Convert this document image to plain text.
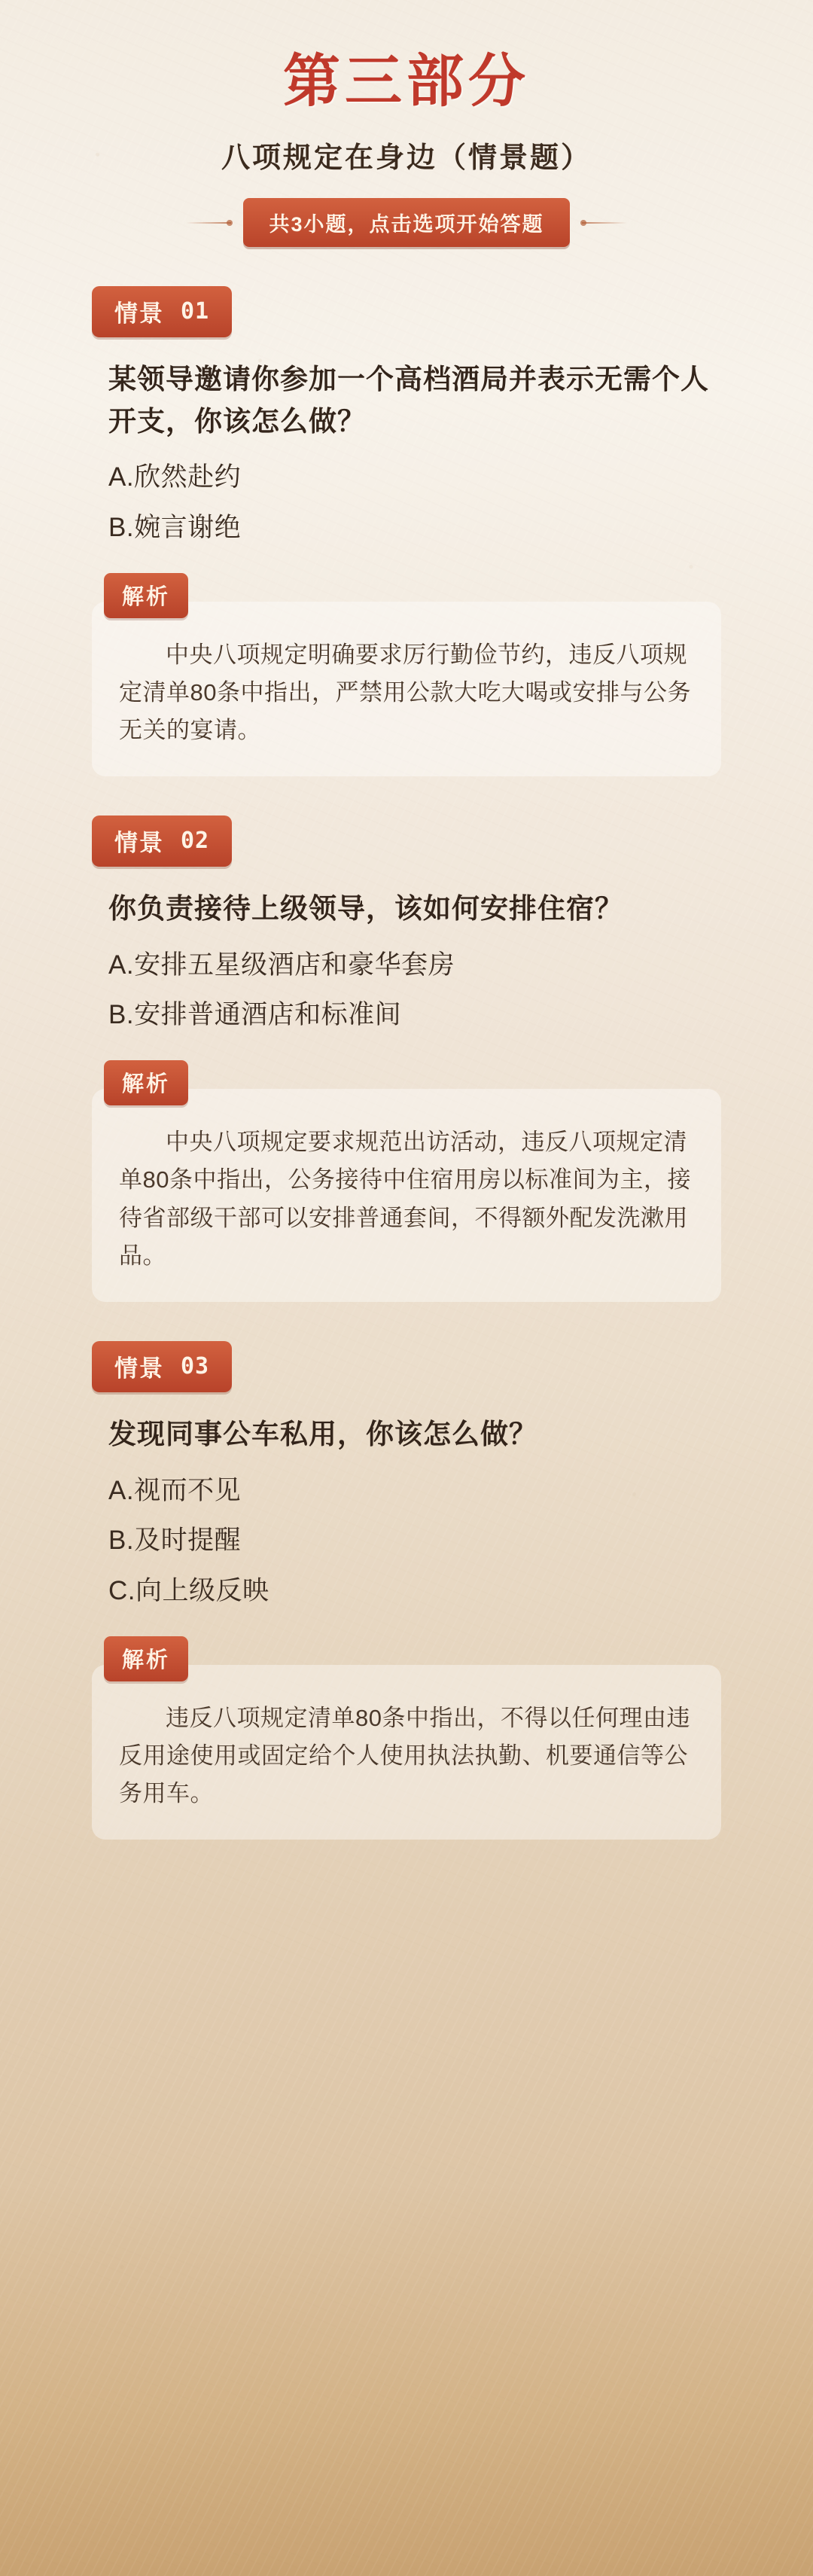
第三部分
八项规定在身边（情景题）
共3小题，点击选项开始答题
情景 01
某领导邀请你参加一个高档酒局并表示无需个人开支，你该怎么做？
A.欣然赴约
B.婉言谢绝
解析
中央八项规定明确要求厉行勤俭节约，违反八项规定清单80条中指出，严禁用公款大吃大喝或安排与公务无关的宴请。
情景 02
你负责接待上级领导，该如何安排住宿？
A.安排五星级酒店和豪华套房
B.安排普通酒店和标准间
解析
中央八项规定要求规范出访活动，违反八项规定清单80条中指出，公务接待中住宿用房以标准间为主，接待省部级干部可以安排普通套间，不得额外配发洗漱用品。
情景 03
发现同事公车私用，你该怎么做？
A.视而不见
B.及时提醒
C.向上级反映
解析
违反八项规定清单80条中指出，不得以任何理由违反用途使用或固定给个人使用执法执勤、机要通信等公务用车。
